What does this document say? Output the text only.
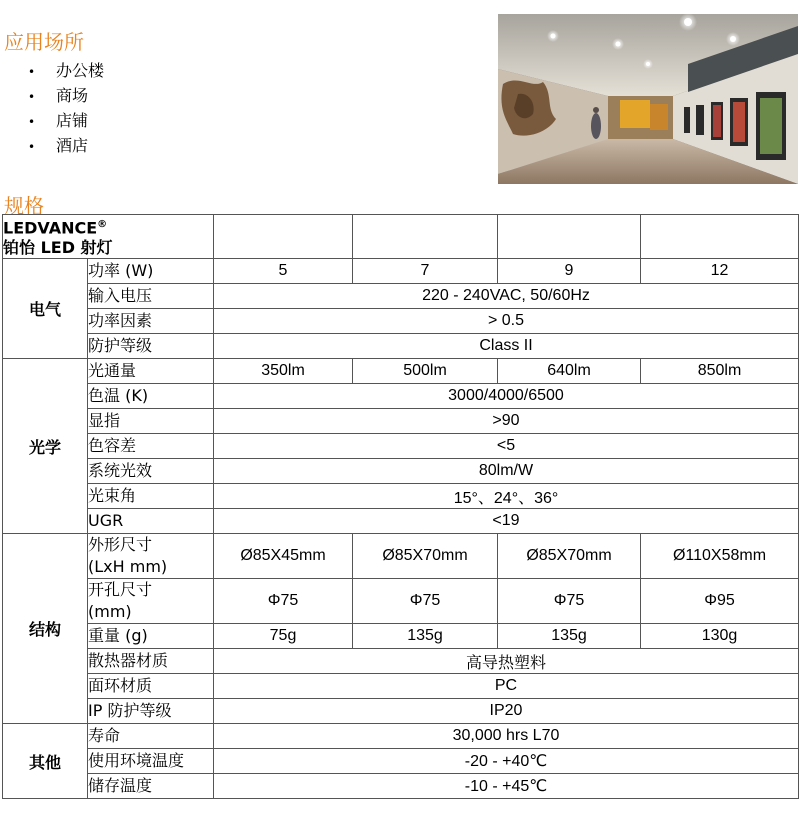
应用场所
• 办公楼
• 商场
• 店铺
• 酒店
规格
LEDVANCE®
铂怡 LED 射灯					
电气	功率 (W)	5	7	9	12
	输入电压	220 - 240VAC, 50/60Hz			
	功率因素	> 0.5			
	防护等级	Class II			
光学	光通量	350lm	500lm	640lm	850lm
	色温 (K)	3000/4000/6500			
	显指	>90			
	色容差	<5			
	系统光效	80lm/W			
	光束角	15°、24°、36°			
	UGR	<19			
结构	外形尺寸
(LxH mm)	Ø85X45mm	Ø85X70mm	Ø85X70mm	Ø110X58mm
	开孔尺寸
(mm)	Φ75	Φ75	Φ75	Φ95
	重量 (g)	75g	135g	135g	130g
	散热器材质	高导热塑料			
	面环材质	PC			
	IP 防护等级	IP20			
其他	寿命	30,000 hrs L70			
	使用环境温度	-20 - +40℃			
	储存温度	-10 - +45℃			
